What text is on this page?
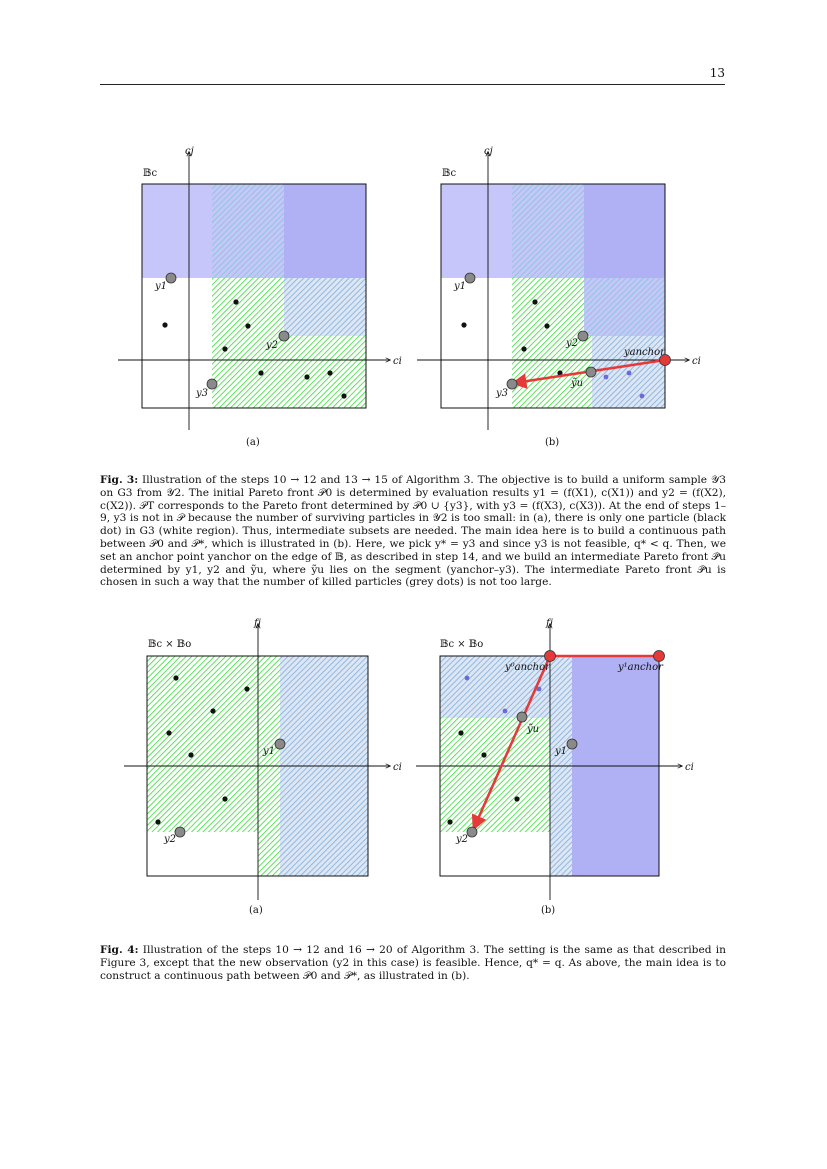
13
𝔹c
cj
ci
y1
y2
y3
(a)
𝔹c
cj
ci
y1
y2
y3
ỹu
yanchor
(b)
Fig. 3: Illustration of the steps 10 → 12 and 13 → 15 of Algorithm 3. The objective is to build a uniform sample 𝒴3 on G3 from 𝒴2. The initial Pareto front 𝒫0 is determined by evaluation results y1 = (f(X1), c(X1)) and y2 = (f(X2), c(X2)). 𝒫T corresponds to the Pareto front determined by 𝒫0 ∪ {y3}, with y3 = (f(X3), c(X3)). At the end of steps 1–9, y3 is not in 𝒫 because the number of surviving particles in 𝒴2 is too small: in (a), there is only one particle (black dot) in G3 (white region). Thus, intermediate subsets are needed. The main idea here is to build a continuous path between 𝒫0 and 𝒫*, which is illustrated in (b). Here, we pick y* = y3 and since y3 is not feasible, q* < q. Then, we set an anchor point yanchor on the edge of 𝔹, as described in step 14, and we build an intermediate Pareto front 𝒫̃u determined by y1, y2 and ỹu, where ỹu lies on the segment (yanchor–y3). The intermediate Pareto front 𝒫̃u is chosen in such a way that the number of killed particles (grey dots) is not too large.
𝔹c × 𝔹o
fj
ci
y1
y2
(a)
𝔹c × 𝔹o
fj
ci
y1
y2
ỹu
y⁰anchor	y¹anchor
(b)
Fig. 4: Illustration of the steps 10 → 12 and 16 → 20 of Algorithm 3. The setting is the same as that described in Figure 3, except that the new observation (y2 in this case) is feasible. Hence, q* = q. As above, the main idea is to construct a continuous path between 𝒫0 and 𝒫*, as illustrated in (b).
